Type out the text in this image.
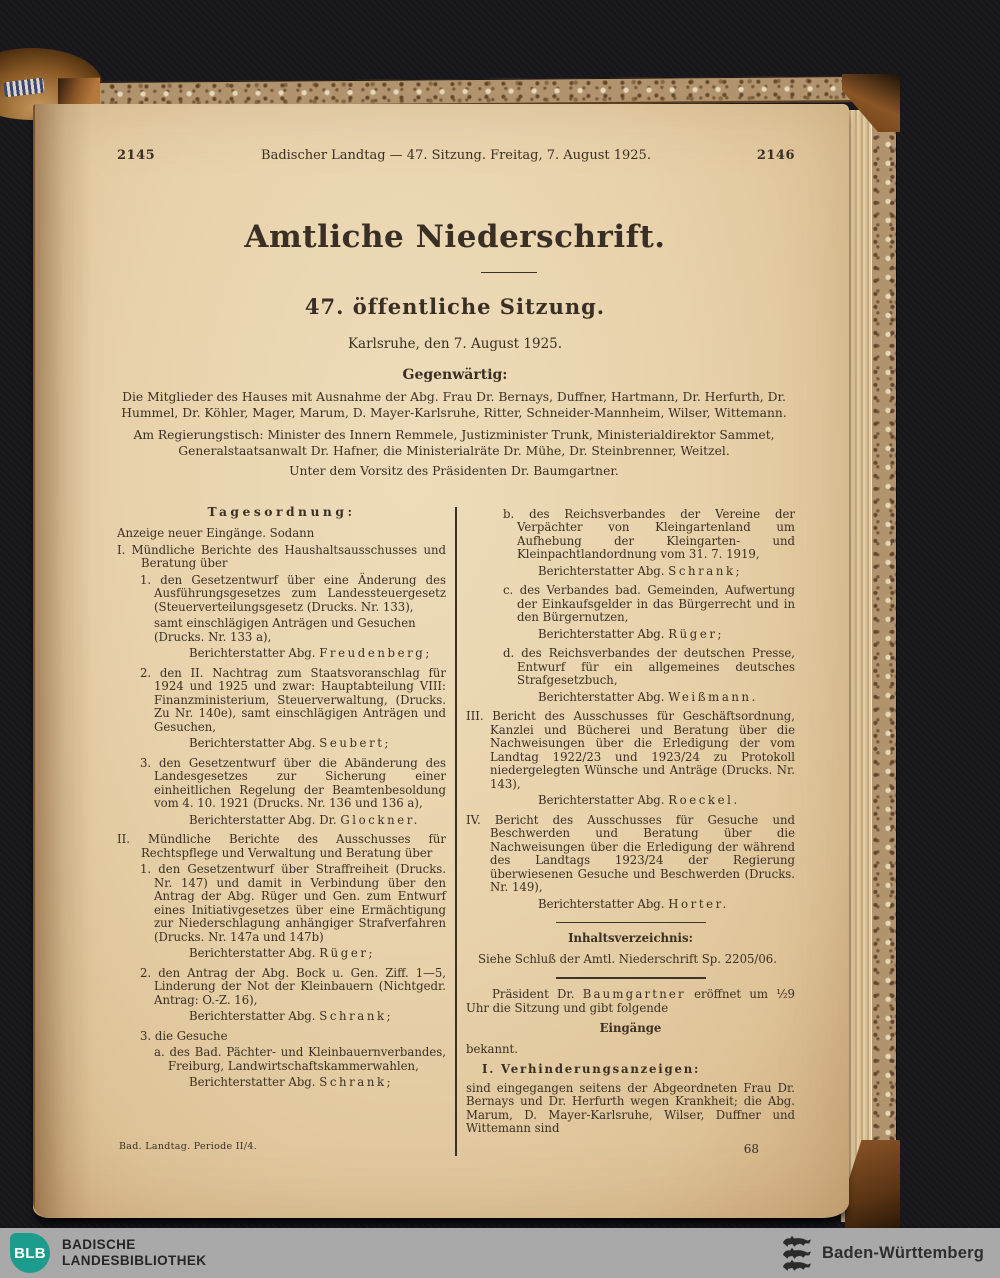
2145	Badischer Landtag — 47. Sitzung. Freitag, 7. August 1925.	2146
Amtliche Niederschrift.
47. öffentliche Sitzung.
Karlsruhe, den 7. August 1925.
Gegenwärtig:

Die Mitglieder des Hauses mit Ausnahme der Abg. Frau Dr. Bernays, Duffner, Hartmann, Dr. Herfurth, Dr. Hummel, Dr. Köhler, Mager, Marum, D. Mayer-Karlsruhe, Ritter, Schneider-Mannheim, Wilser, Wittemann.

Am Regierungstisch: Minister des Innern Remmele, Justizminister Trunk, Ministerialdirektor Sammet, Generalstaatsanwalt Dr. Hafner, die Ministerialräte Dr. Mühe, Dr. Steinbrenner, Weitzel.

Unter dem Vorsitz des Präsidenten Dr. Baumgartner.

Tagesordnung:
Anzeige neuer Eingänge. Sodann
I. Mündliche Berichte des Haushaltsausschusses und Beratung über
1. den Gesetzentwurf über eine Änderung des Ausführungsgesetzes zum Landessteuergesetz (Steuerverteilungsgesetz (Drucks. Nr. 133),
samt einschlägigen Anträgen und Gesuchen (Drucks. Nr. 133 a),
Berichterstatter Abg. Freudenberg;
2. den II. Nachtrag zum Staatsvoranschlag für 1924 und 1925 und zwar: Hauptabteilung VIII: Finanzministerium, Steuerverwaltung, (Drucks. Zu Nr. 140e), samt einschlägigen Anträgen und Gesuchen,
Berichterstatter Abg. Seubert;
3. den Gesetzentwurf über die Abänderung des Landesgesetzes zur Sicherung einer einheitlichen Regelung der Beamtenbesoldung vom 4. 10. 1921 (Drucks. Nr. 136 und 136 a),
Berichterstatter Abg. Dr. Glockner.
II. Mündliche Berichte des Ausschusses für Rechtspflege und Verwaltung und Beratung über
1. den Gesetzentwurf über Straffreiheit (Drucks. Nr. 147) und damit in Verbindung über den Antrag der Abg. Rüger und Gen. zum Entwurf eines Initiativgesetzes über eine Ermächtigung zur Niederschlagung anhängiger Strafverfahren (Drucks. Nr. 147a und 147b)
Berichterstatter Abg. Rüger;
2. den Antrag der Abg. Bock u. Gen. Ziff. 1—5, Linderung der Not der Kleinbauern (Nichtgedr. Antrag: O.-Z. 16),
Berichterstatter Abg. Schrank;
3. die Gesuche
a. des Bad. Pächter- und Kleinbauernverbandes, Freiburg, Landwirtschaftskammerwahlen,
Berichterstatter Abg. Schrank;
b. des Reichsverbandes der Vereine der Verpächter von Kleingartenland um Aufhebung der Kleingarten- und Kleinpachtlandordnung vom 31. 7. 1919,
Berichterstatter Abg. Schrank;
c. des Verbandes bad. Gemeinden, Aufwertung der Einkaufsgelder in das Bürgerrecht und in den Bürgernutzen,
Berichterstatter Abg. Rüger;
d. des Reichsverbandes der deutschen Presse, Entwurf für ein allgemeines deutsches Strafgesetzbuch,
Berichterstatter Abg. Weißmann.
III. Bericht des Ausschusses für Geschäftsordnung, Kanzlei und Bücherei und Beratung über die Nachweisungen über die Erledigung der vom Landtag 1922/23 und 1923/24 zu Protokoll niedergelegten Wünsche und Anträge (Drucks. Nr. 143),
Berichterstatter Abg. Roeckel.
IV. Bericht des Ausschusses für Gesuche und Beschwerden und Beratung über die Nachweisungen über die Erledigung der während des Landtags 1923/24 der Regierung überwiesenen Gesuche und Beschwerden (Drucks. Nr. 149),
Berichterstatter Abg. Horter.
Inhaltsverzeichnis:
Siehe Schluß der Amtl. Niederschrift Sp. 2205/06.
Präsident Dr. Baumgartner eröffnet um ½9 Uhr die Sitzung und gibt folgende
Eingänge
bekannt.
I. Verhinderungsanzeigen:
sind eingegangen seitens der Abgeordneten Frau Dr. Bernays und Dr. Herfurth wegen Krankheit; die Abg. Marum, D. Mayer-Karlsruhe, Wilser, Duffner und Wittemann sind
68
Bad. Landtag. Periode II/4.
BLB
BADISCHE
LANDESBIBLIOTHEK	Baden-Württemberg
